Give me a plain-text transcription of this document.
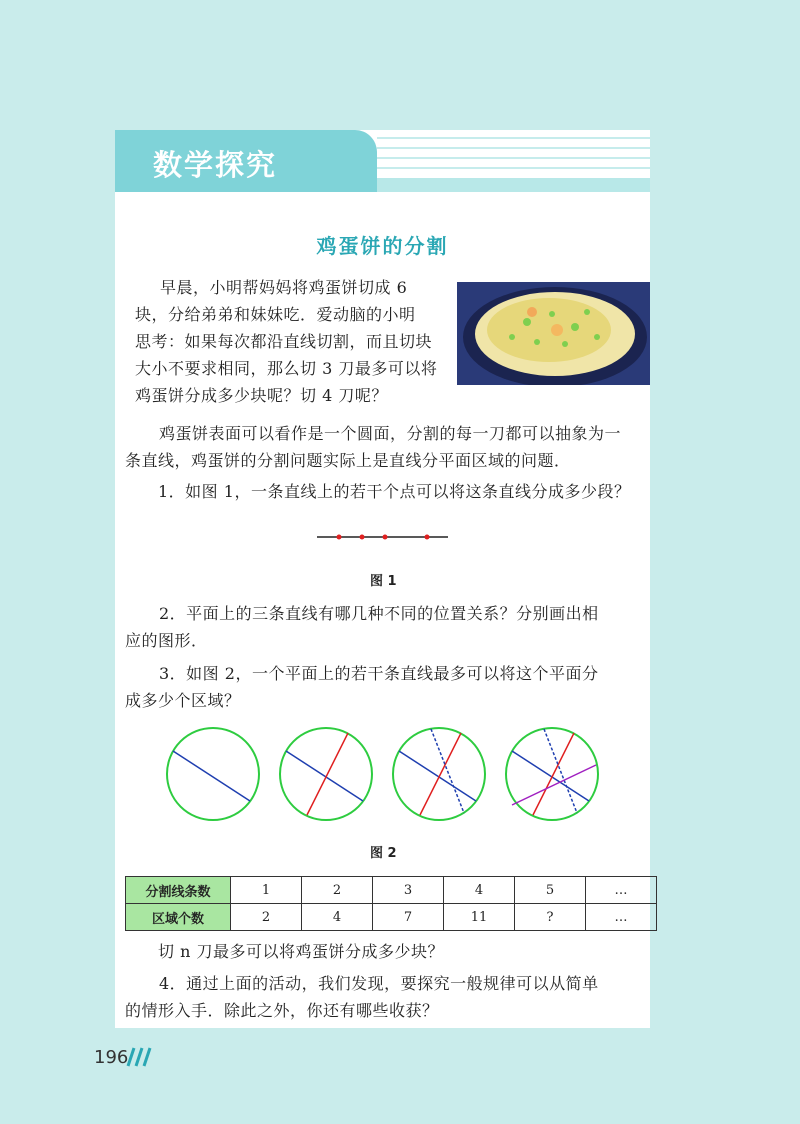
数学探究
鸡蛋饼的分割
早晨，小明帮妈妈将鸡蛋饼切成 6
块，分给弟弟和妹妹吃．爱动脑的小明
思考：如果每次都沿直线切割，而且切块
大小不要求相同，那么切 3 刀最多可以将
鸡蛋饼分成多少块呢？切 4 刀呢？
鸡蛋饼表面可以看作是一个圆面，分割的每一刀都可以抽象为一
条直线，鸡蛋饼的分割问题实际上是直线分平面区域的问题．
1．如图 1，一条直线上的若干个点可以将这条直线分成多少段？
图 1
2．平面上的三条直线有哪几种不同的位置关系？分别画出相
应的图形．
3．如图 2，一个平面上的若干条直线最多可以将这个平面分
成多少个区域？
图 2
分割线条数	1	2	3	4	5	…
区域个数	2	4	7	11	?	…
切 n 刀最多可以将鸡蛋饼分成多少块？
4．通过上面的活动，我们发现，要探究一般规律可以从简单
的情形入手．除此之外，你还有哪些收获？
196
